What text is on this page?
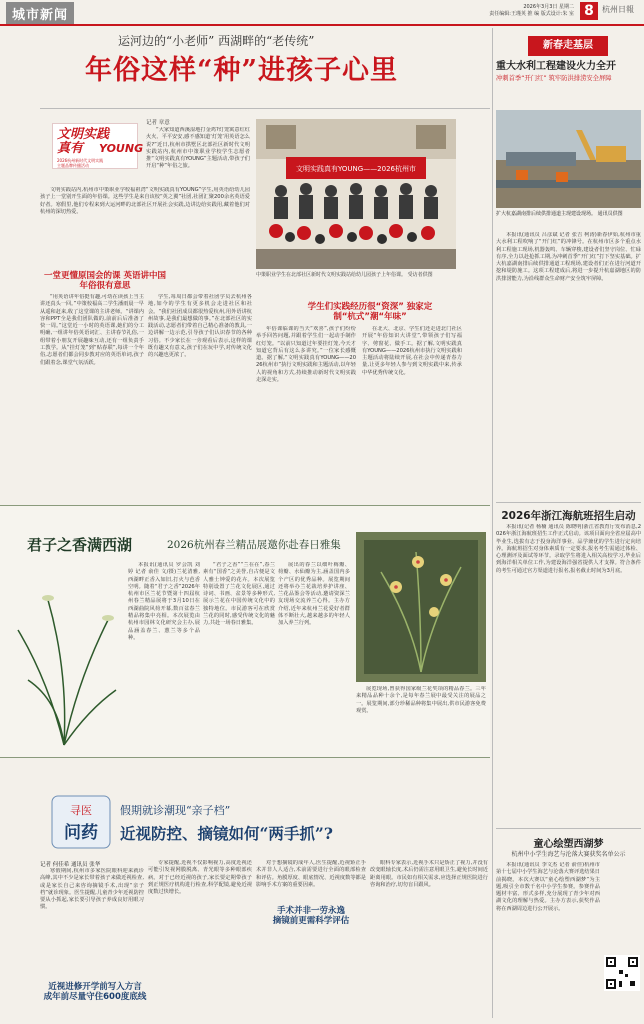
城市新闻
2026年3月3日 星期二
责任编辑:王瑾英 推 编 版式设计:朱 室 8	杭州日報
运河边的“小老师” 西湖畔的“老传统”
年俗这样“种”进孩子心里
文明实践
真有	YOUNG
2026杭州新时代文明实践
主题品牌传播活动
记者 章意

“大家知道西溪湿地打金鸡?灯笼寓意红红火火、平平安安,感不感知道‘灯笼’用英语怎么说?”近日,杭州市拱墅区北部社区新时代文明实践站内,杭州市中策职业学校学生志愿者推“文明实践真有YOUNG”主题活动,带孩子们开启“种”年俗之旅。

文明实践站内,杭州市中策职业学校福祖湾“文明实践真有YOUNG”学生,用英语给幼儿园孩子上一堂别开生面的年俗课。这些学生是来自该校“英之翼”社团,社团汇聚200余名英语爱好者。寒假里,他们专程来到大运河畔的北部社区开展社会实践,边讲边给实践用,藏着他们对杭州的深切热爱。

文明实践真有YOUNG——2026杭州市
中策职业学生在北部社区新时代文明实践站给幼儿园孩子上年俗课。 受访者供图
一堂更懂原国会的课 英语讲中国年俗很有意思

“用英语讲年俗挺有趣,可幼在读孩上当主讲还真头一回。”中策校福高二学生潘雨晨一早从遥和赶来,收了这堂课的主讲老师。“讲课内容和PPT全是我们团队做的,前前后后准备了快一周。”这堂近一小时的英语课,她们的分工明确,一组讲年俗英语词汇、主讲春节礼俗,一组带着小朋友开展趣味互动,还有一组负责手工教学。从“挂灯笼”到“贴春联”,每讲一个年俗,志愿者们都会同步教对应的英语单词,孩子们跟着念,课堂气氛活跃。

学生,每周日都会带着社团学员去杭州各地,如今的学生有更多机会走进社区和社会。“我们社团成员都很热爱杭州,用外语讲杭州故事,是我们最想做的事。”在北部社区的实践活动,志愿者们带着自己精心准备的教具,一边讲解一边示范,引导孩子们认识春节的各种习俗。不少家长在一旁观看后表示,这样的课既有趣又有意义,孩子们在玩中学,对传统文化的兴趣也更浓了。

学生们实践经历很“资深” 独家定制“杭式”潮“年味”

年俗课临课的当天“欢喜”,孩子们纷纷举手回答问题,并跟着学生们一起动手制作红灯笼。“以前只知道过年要挂灯笼,今天才知道它背后有这么多讲究。”一位家长感慨道。据了解,“文明实践真有YOUNG——2026杭州市”执行文明实践和主题活动,以年轻人的视角和方式,持续推动新时代文明实践走深走实。

在北大、北京、学生们还走进北门社区开展“年俗知识大讲堂”,带领孩子们写福字、剪窗花、做手工。据了解,文明实践真有YOUNG——2026杭州市执行文明实践和主题活动将陆续开展,在社会中传递青春力量,让更多年轻人参与到文明实践中来,传承中华优秀传统文化。

新春走基层
重大水利工程建设火力全开
冲刺首季“开门红” 筑牢防洪排涝安全屏障
扩大杭嘉湖南排后续供排通道主现建设现场。 通讯员供图

本报讯(通讯员 吕彦斌 记者 张吉 柯涛)新春伊始,杭州市重大水利工程吹响了“开门红”的冲锋号。在杭州市区多个重点水利工程施工现场,机器轰鸣、车辆穿梭,建设者们坚守岗位、忙碌有序,全力以赴抢抓工期,为冲刺首季“开门红”打下坚实基础。扩大杭嘉湖南排后续供排通道工程现场,建设者们正在进行河道开挖和堤防施工。这项工程建成后,将进一步提升杭嘉湖地区的防洪排涝能力,为沿线群众生命财产安全筑牢屏障。

2026年浙江海航班招生启动

本报讯(记者 杨楠 通讯员 陈晓明)浙江省教育厅发布消息,2026年浙江海航班招生工作正式启动。该项目面向全省应届高中毕业生,选拔有志于投身海洋事业、品学兼优的学生进行定向培养。海航班招生对身体素质有一定要求,报名考生需通过体检、心理测评及面试等环节。录取学生将进入相关高校学习,毕业后到海洋相关单位工作,为建设海洋强省提供人才支撑。符合条件的考生可通过官方渠道进行报名,报名截止时间为3月底。

童心绘塑西湖梦
杭州中小学生海艺与沦落大赛获奖名单公示

本报讯(通讯员 李文杰 记者 俞佳)杭州市第十七届中小学生海艺与沦落大赛评选结果日前揭晓。本次大赛以“童心绘塑西湖梦”为主题,吸引全市数千名中小学生参赛。参赛作品题材丰富、形式多样,充分展现了青少年对西湖文化的理解与热爱。主办方表示,获奖作品将在西湖周边进行公开展示。

君子之香满西湖	2026杭州春兰精品展邀你赴春日雅集

本报讯(通讯员 罗会凯 刘婷 记者 俞佳 文/摄)兰花清雅,西湖畔正香入如旧,打火与芭香空明。随着“君子之香”2026年杭州市区兰花节暨第十四届杭州春兰精品展将于3月10日在西湖曲院风荷开幕,数百盆春兰精品将集中亮相。本次展览由杭州市园林文化研究会主办,展品涵盖春兰、蕙兰等多个品种。

“君子之香”“兰在在”,春兰素有“国香”之美誉,自古便是文人雅士钟爱的花卉。本次展览特别设置了兰花文化展区,通过诗词、书画、盆景等多种形式,展示兰花在中国传统文化中的独特地位。市民游客可在欣赏兰花的同时,感受传统文化的魅力,共赴一场春日雅集。

展出的春兰以细叶梅瓣、荷瓣、水仙瓣为主,涵盖国内多个产区的优秀品种。展览期间还将举办兰花栽培养护讲座、兰花品鉴会等活动,邀请资深兰友现场交流养兰心得。主办方介绍,近年来杭州兰花爱好者群体不断壮大,越来越多的年轻人加入养兰行列。

展览现场,曾获得国家级兰花奖项的精品春兰。三年来精品品种十余个,是每年春兰展中最受关注的展品之一。展览期间,部分珍稀品种将集中展出,供市民游客免费观赏。

寻医
问药
假期就诊潮现“亲子档”
近视防控、摘镜如何“两手抓”?
记者 何佳希 通讯员 张华

寒假期间,杭州市多家医院眼科迎来就诊高峰,其中不少是家长带着孩子来做近视检查,或是家长自己来咨询摘镜手术,出现“亲子档”就诊现象。医生提醒,儿童青少年近视防控要从小抓起,家长要引导孩子养成良好用眼习惯。

近视进修开学前写入方言
成年前尽量守住600度底线

专家提醒,近视不仅影响视力,高度近视还可能引发视网膜脱离、青光眼等多种眼部疾病。对于已经近视的孩子,家长要定期带孩子到正规医疗机构进行检查,科学配镜,避免近视度数过快增长。

手术并非一劳永逸
摘镜前更需科学评估

对于想摘镜的成年人,医生提醒,近视矫正手术并非人人适合,术前需要进行全面的眼部检查和评估。角膜厚度、眼底情况、近视度数等都是影响手术方案的重要因素。

眼科专家表示,近视手术只是矫正了视力,并没有改变眼轴长度,术后仍需注意用眼卫生,避免长时间近距离用眼。市民如有相关需求,应选择正规医院进行咨询和治疗,切勿盲目跟风。
